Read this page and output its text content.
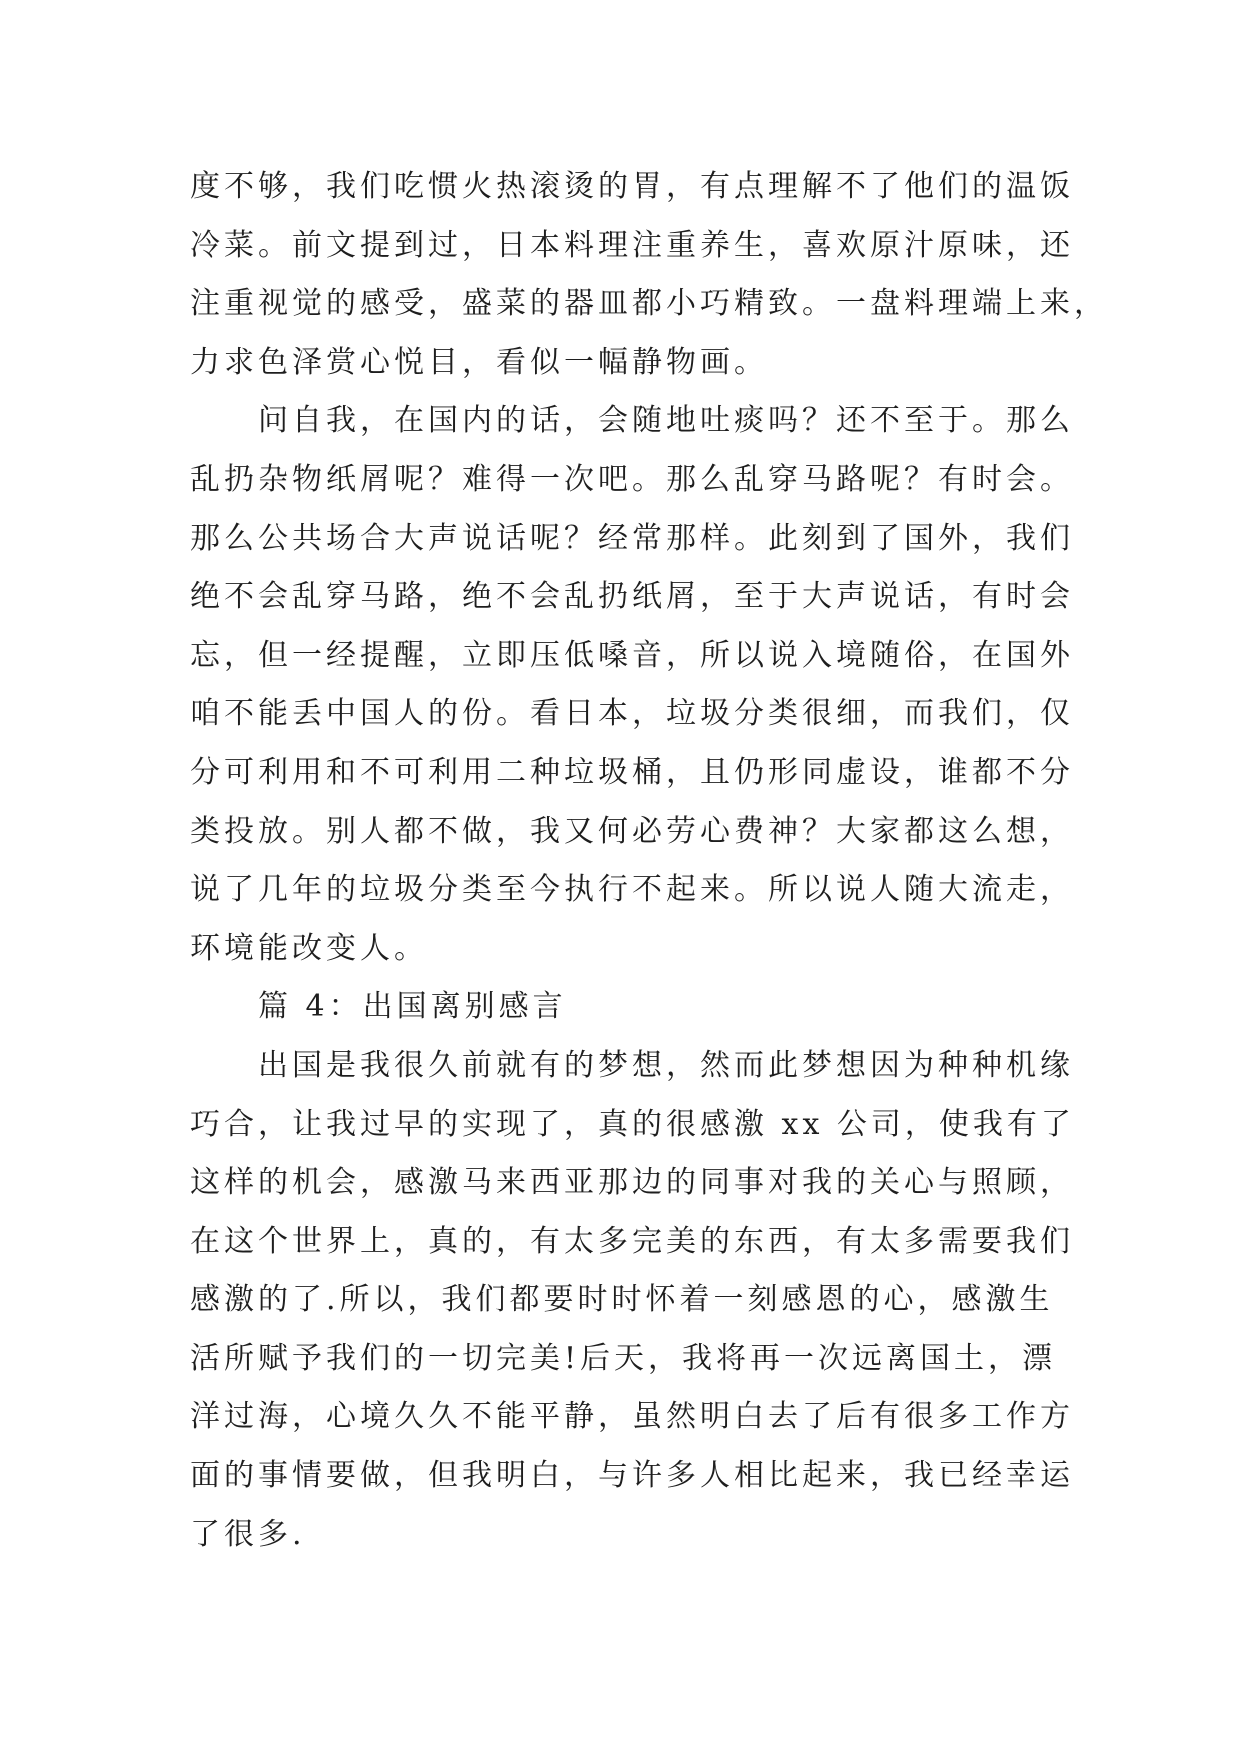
度不够，我们吃惯火热滚烫的胃，有点理解不了他们的温饭
冷菜。前文提到过，日本料理注重养生，喜欢原汁原味，还
注重视觉的感受，盛菜的器皿都小巧精致。一盘料理端上来，
力求色泽赏心悦目，看似一幅静物画。
问自我，在国内的话，会随地吐痰吗？还不至于。那么
乱扔杂物纸屑呢？难得一次吧。那么乱穿马路呢？有时会。
那么公共场合大声说话呢？经常那样。此刻到了国外，我们
绝不会乱穿马路，绝不会乱扔纸屑，至于大声说话，有时会
忘，但一经提醒，立即压低嗓音，所以说入境随俗，在国外
咱不能丢中国人的份。看日本，垃圾分类很细，而我们，仅
分可利用和不可利用二种垃圾桶，且仍形同虚设，谁都不分
类投放。别人都不做，我又何必劳心费神？大家都这么想，
说了几年的垃圾分类至今执行不起来。所以说人随大流走，
环境能改变人。
篇 4：出国离别感言
出国是我很久前就有的梦想，然而此梦想因为种种机缘
巧合，让我过早的实现了，真的很感激 xx 公司，使我有了
这样的机会，感激马来西亚那边的同事对我的关心与照顾，
在这个世界上，真的，有太多完美的东西，有太多需要我们
感激的了.所以，我们都要时时怀着一刻感恩的心，感激生
活所赋予我们的一切完美!后天，我将再一次远离国土，漂
洋过海，心境久久不能平静，虽然明白去了后有很多工作方
面的事情要做，但我明白，与许多人相比起来，我已经幸运
了很多.
